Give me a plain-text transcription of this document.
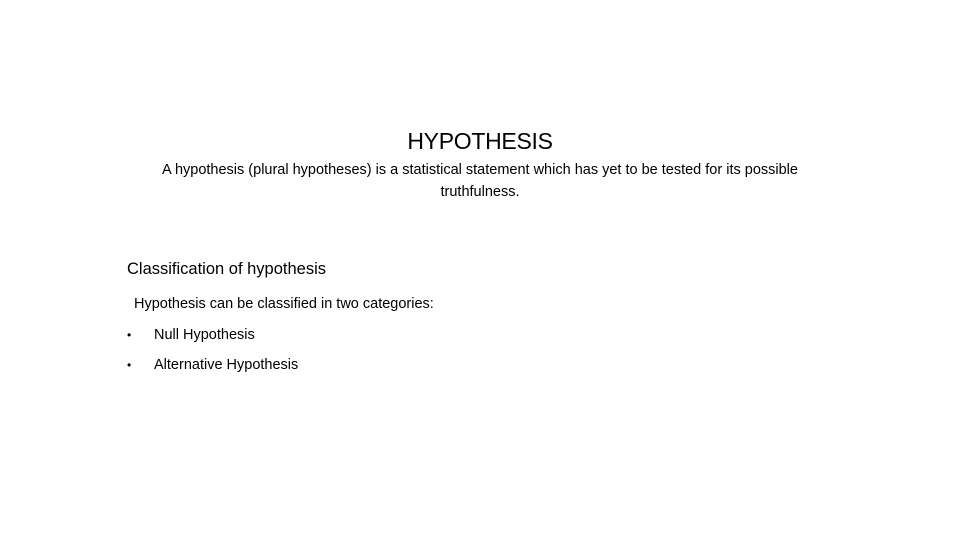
HYPOTHESIS
A hypothesis (plural hypotheses) is a statistical statement which has yet to be tested for its possible truthfulness.
Classification of hypothesis
Hypothesis can be classified in two categories:
•	Null Hypothesis
•	Alternative Hypothesis
